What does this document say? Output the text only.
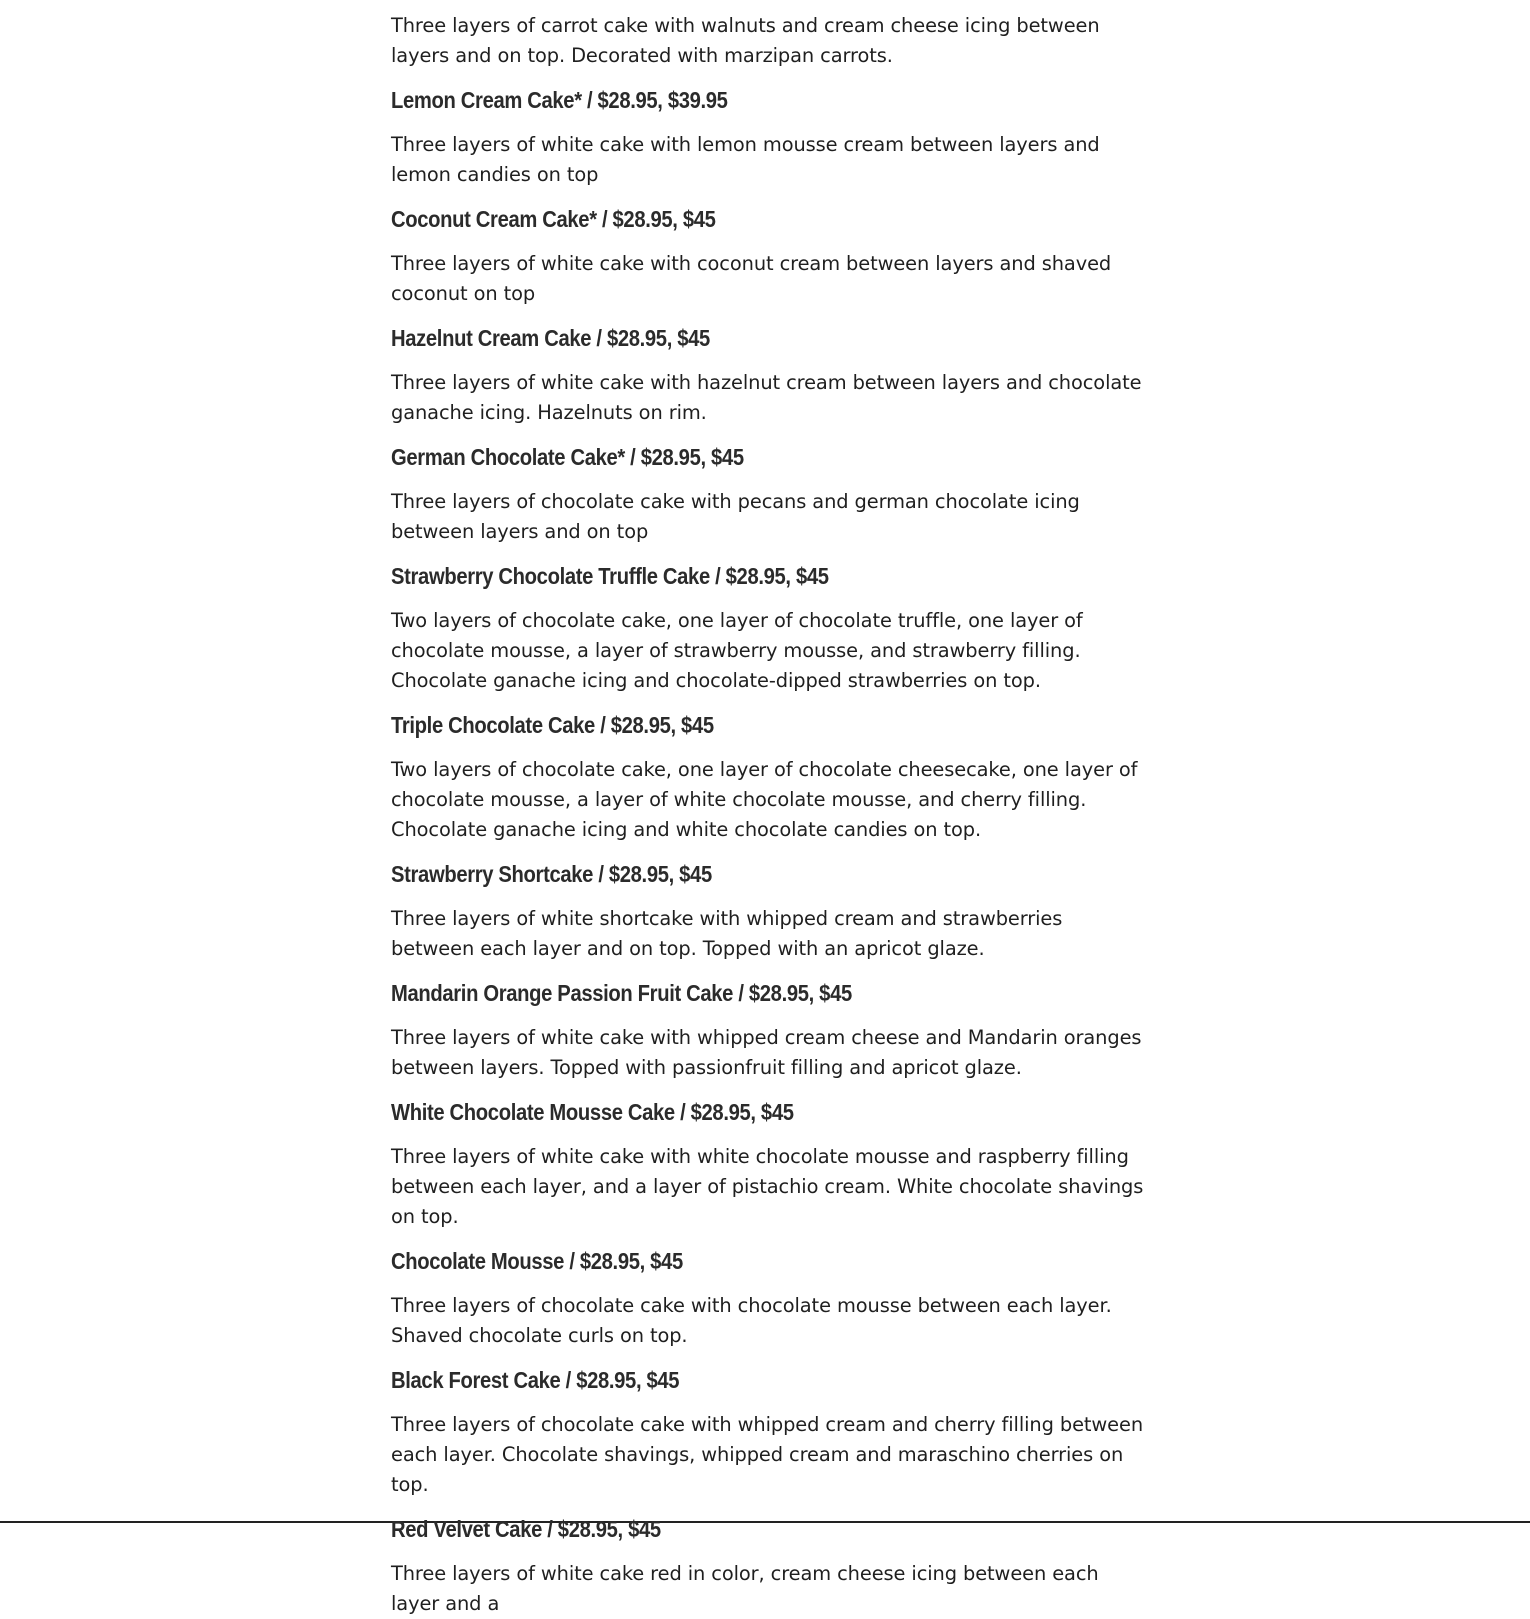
Three layers of carrot cake with walnuts and cream cheese icing between layers and on top. Decorated with marzipan carrots.

Lemon Cream Cake* / $28.95, $39.95

Three layers of white cake with lemon mousse cream between layers and lemon candies on top

Coconut Cream Cake* / $28.95, $45

Three layers of white cake with coconut cream between layers and shaved coconut on top

Hazelnut Cream Cake / $28.95, $45

Three layers of white cake with hazelnut cream between layers and chocolate ganache icing. Hazelnuts on rim.

German Chocolate Cake* / $28.95, $45

Three layers of chocolate cake with pecans and german chocolate icing between layers and on top

Strawberry Chocolate Truffle Cake / $28.95, $45

Two layers of chocolate cake, one layer of chocolate truffle, one layer of chocolate mousse, a layer of strawberry mousse, and strawberry filling. Chocolate ganache icing and chocolate-dipped strawberries on top.

Triple Chocolate Cake / $28.95, $45

Two layers of chocolate cake, one layer of chocolate cheesecake, one layer of chocolate mousse, a layer of white chocolate mousse, and cherry filling. Chocolate ganache icing and white chocolate candies on top.

Strawberry Shortcake / $28.95, $45

Three layers of white shortcake with whipped cream and strawberries between each layer and on top. Topped with an apricot glaze.

Mandarin Orange Passion Fruit Cake / $28.95, $45

Three layers of white cake with whipped cream cheese and Mandarin oranges between layers. Topped with passionfruit filling and apricot glaze.

White Chocolate Mousse Cake / $28.95, $45

Three layers of white cake with white chocolate mousse and raspberry filling between each layer, and a layer of pistachio cream. White chocolate shavings on top.

Chocolate Mousse / $28.95, $45

Three layers of chocolate cake with chocolate mousse between each layer. Shaved chocolate curls on top.

Black Forest Cake / $28.95, $45

Three layers of chocolate cake with whipped cream and cherry filling between each layer. Chocolate shavings, whipped cream and maraschino cherries on top.

Red Velvet Cake / $28.95, $45

Three layers of white cake red in color, cream cheese icing between each layer and a
